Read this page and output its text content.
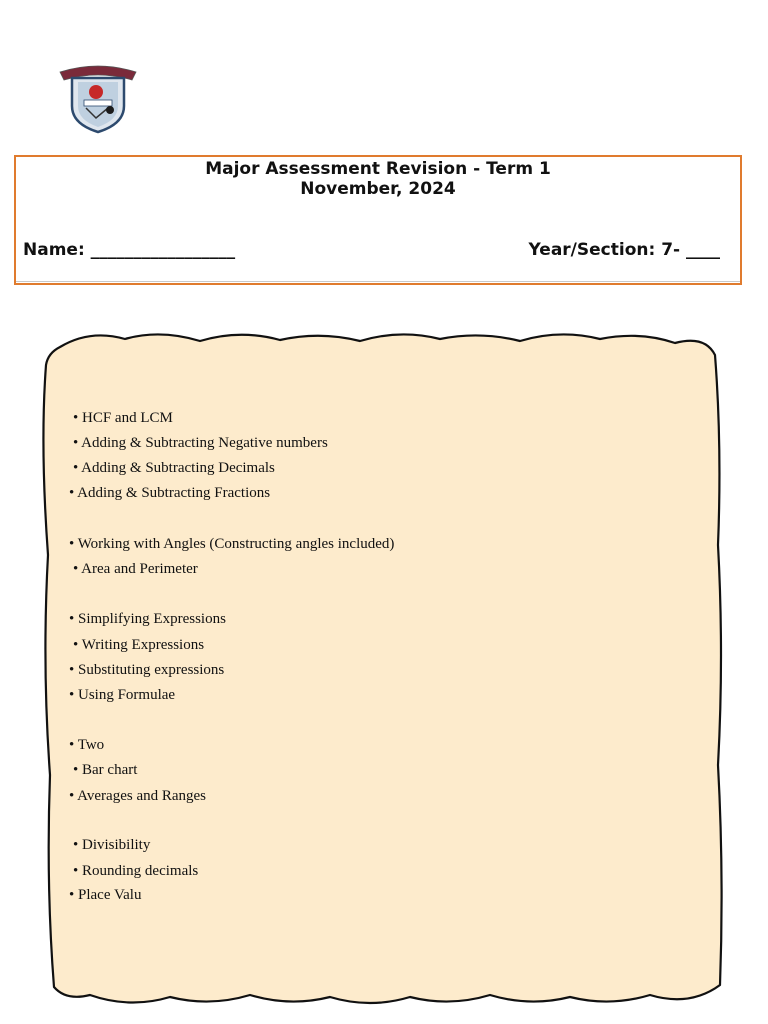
Major Assessment Revision - Term 1
November, 2024
Name: _________________	Year/Section: 7- ____
• HCF and LCM
• Adding & Subtracting Negative numbers
• Adding & Subtracting Decimals
• Adding & Subtracting Fractions
• Working with Angles (Constructing angles included)
• Area and Perimeter
• Simplifying Expressions
• Writing Expressions
• Substituting expressions
• Using Formulae
• Two
• Bar chart
• Averages and Ranges
• Divisibility
• Rounding decimals
• Place Valu
